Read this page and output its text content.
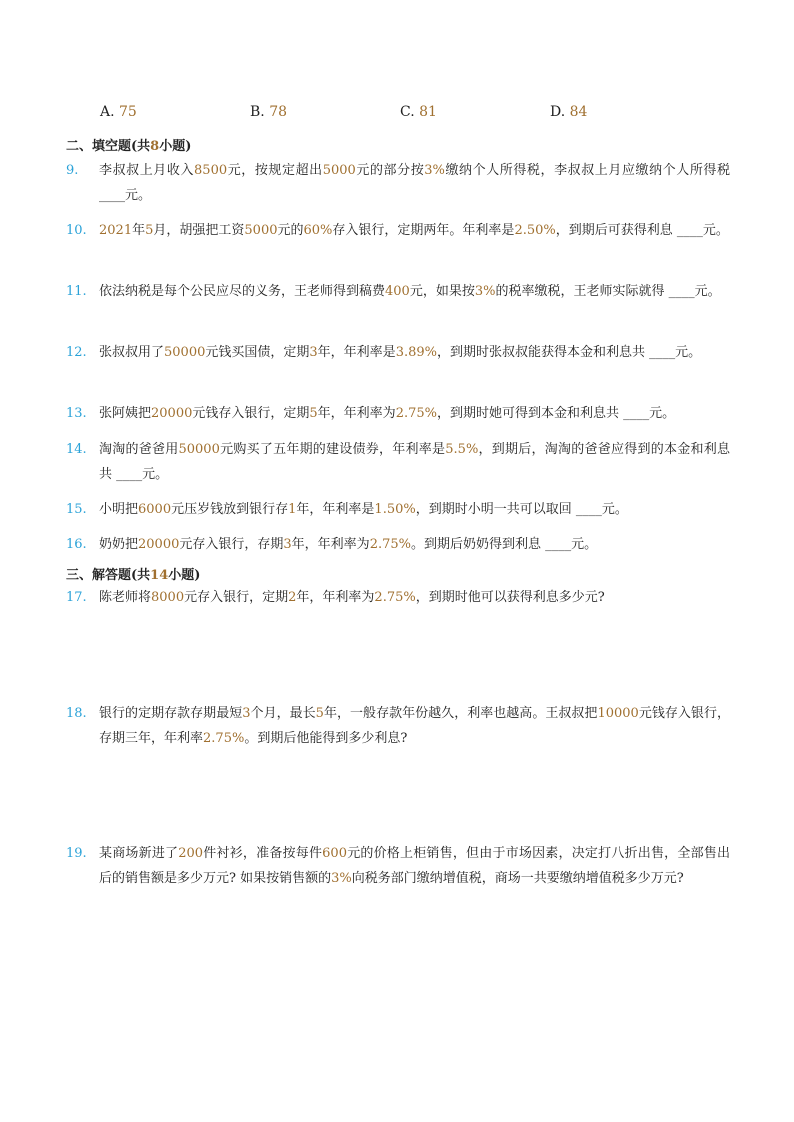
A. 75	B. 78	C. 81	D. 84
二、填空题(共8小题)
9.	李叔叔上月收入8500元，按规定超出5000元的部分按3%缴纳个人所得税，李叔叔上月应缴纳个人所得税 ____元。
10. 2021年5月，胡强把工资5000元的60%存入银行，定期两年。年利率是2.50%，到期后可获得利息 ____元。
11. 依法纳税是每个公民应尽的义务，王老师得到稿费400元，如果按3%的税率缴税，王老师实际就得 ____元。
12. 张叔叔用了50000元钱买国债，定期3年，年利率是3.89%，到期时张叔叔能获得本金和利息共 ____元。
13. 张阿姨把20000元钱存入银行，定期5年，年利率为2.75%，到期时她可得到本金和利息共 ____元。
14. 淘淘的爸爸用50000元购买了五年期的建设债券，年利率是5.5%，到期后，淘淘的爸爸应得到的本金和利息共 ____元。
15. 小明把6000元压岁钱放到银行存1年，年利率是1.50%，到期时小明一共可以取回 ____元。
16. 奶奶把20000元存入银行，存期3年，年利率为2.75%。到期后奶奶得到利息 ____元。
三、解答题(共14小题)
17. 陈老师将8000元存入银行，定期2年，年利率为2.75%，到期时他可以获得利息多少元?
18. 银行的定期存款存期最短3个月，最长5年，一般存款年份越久，利率也越高。王叔叔把10000元钱存入银行，存期三年，年利率2.75%。到期后他能得到多少利息?
19. 某商场新进了200件衬衫，准备按每件600元的价格上柜销售，但由于市场因素，决定打八折出售，全部售出后的销售额是多少万元? 如果按销售额的3%向税务部门缴纳增值税，商场一共要缴纳增值税多少万元?
